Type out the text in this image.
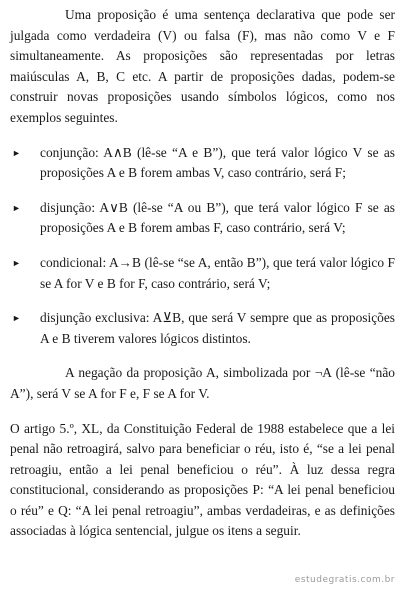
Uma proposição é uma sentença declarativa que pode ser julgada como verdadeira (V) ou falsa (F), mas não como V e F simultaneamente. As proposições são representadas por letras maiúsculas A, B, C etc. A partir de proposições dadas, podem-se construir novas proposições usando símbolos lógicos, como nos exemplos seguintes.

► conjunção: A∧B (lê-se “A e B”), que terá valor lógico V se as proposições A e B forem ambas V, caso contrário, será F;
► disjunção: A∨B (lê-se “A ou B”), que terá valor lógico F se as proposições A e B forem ambas F, caso contrário, será V;
► condicional: A→B (lê-se “se A, então B”), que terá valor lógico F se A for V e B for F, caso contrário, será V;
► disjunção exclusiva: A⊻B, que será V sempre que as proposições A e B tiverem valores lógicos distintos.

A negação da proposição A, simbolizada por ¬A (lê-se “não A”), será V se A for F e, F se A for V.

O artigo 5.º, XL, da Constituição Federal de 1988 estabelece que a lei penal não retroagirá, salvo para beneficiar o réu, isto é, “se a lei penal retroagiu, então a lei penal beneficiou o réu”. À luz dessa regra constitucional, considerando as proposições P: “A lei penal beneficiou o réu” e Q: “A lei penal retroagiu”, ambas verdadeiras, e as definições associadas à lógica sentencial, julgue os itens a seguir.

estudegratis.com.br
